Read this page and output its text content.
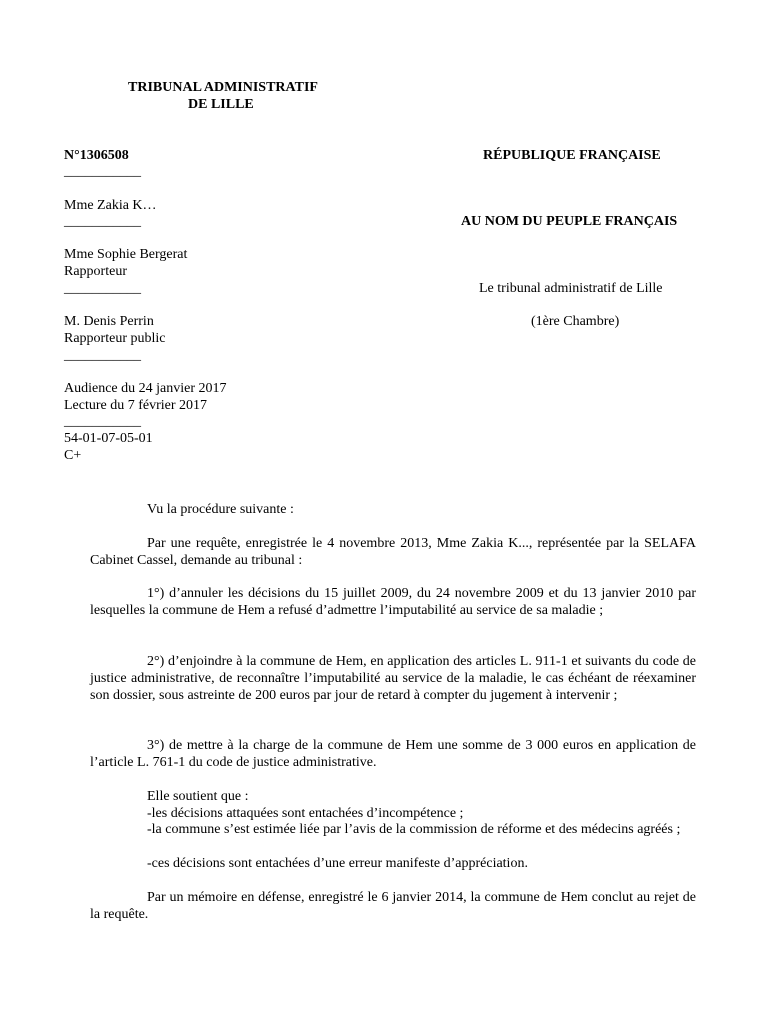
TRIBUNAL ADMINISTRATIF
DE LILLE
N°1306508
___________
Mme Zakia K…
___________
Mme Sophie Bergerat
Rapporteur
___________
M. Denis Perrin
Rapporteur public
___________
Audience du 24 janvier 2017
Lecture du 7 février 2017
___________
54-01-07-05-01
C+
RÉPUBLIQUE FRANÇAISE
AU NOM DU PEUPLE FRANÇAIS
Le tribunal administratif de Lille
(1ère Chambre)
Vu la procédure suivante :
Par une requête, enregistrée le 4 novembre 2013, Mme Zakia K..., représentée par la SELAFA Cabinet Cassel, demande au tribunal :
1°) d’annuler les décisions du 15 juillet 2009, du 24 novembre 2009 et du 13 janvier 2010 par lesquelles la commune de Hem a refusé d’admettre l’imputabilité au service de sa maladie ;
2°) d’enjoindre à la commune de Hem, en application des articles L. 911-1 et suivants du code de justice administrative, de reconnaître l’imputabilité au service de la maladie, le cas échéant de réexaminer son dossier, sous astreinte de 200 euros par jour de retard à compter du jugement à intervenir ;
3°) de mettre à la charge de la commune de Hem une somme de 3 000 euros en application de l’article L. 761-1 du code de justice administrative.
Elle soutient que :
-les décisions attaquées sont entachées d’incompétence ;
-la commune s’est estimée liée par l’avis de la commission de réforme et des médecins agréés ;
-ces décisions sont entachées d’une erreur manifeste d’appréciation.
Par un mémoire en défense, enregistré le 6 janvier 2014, la commune de Hem conclut au rejet de la requête.
